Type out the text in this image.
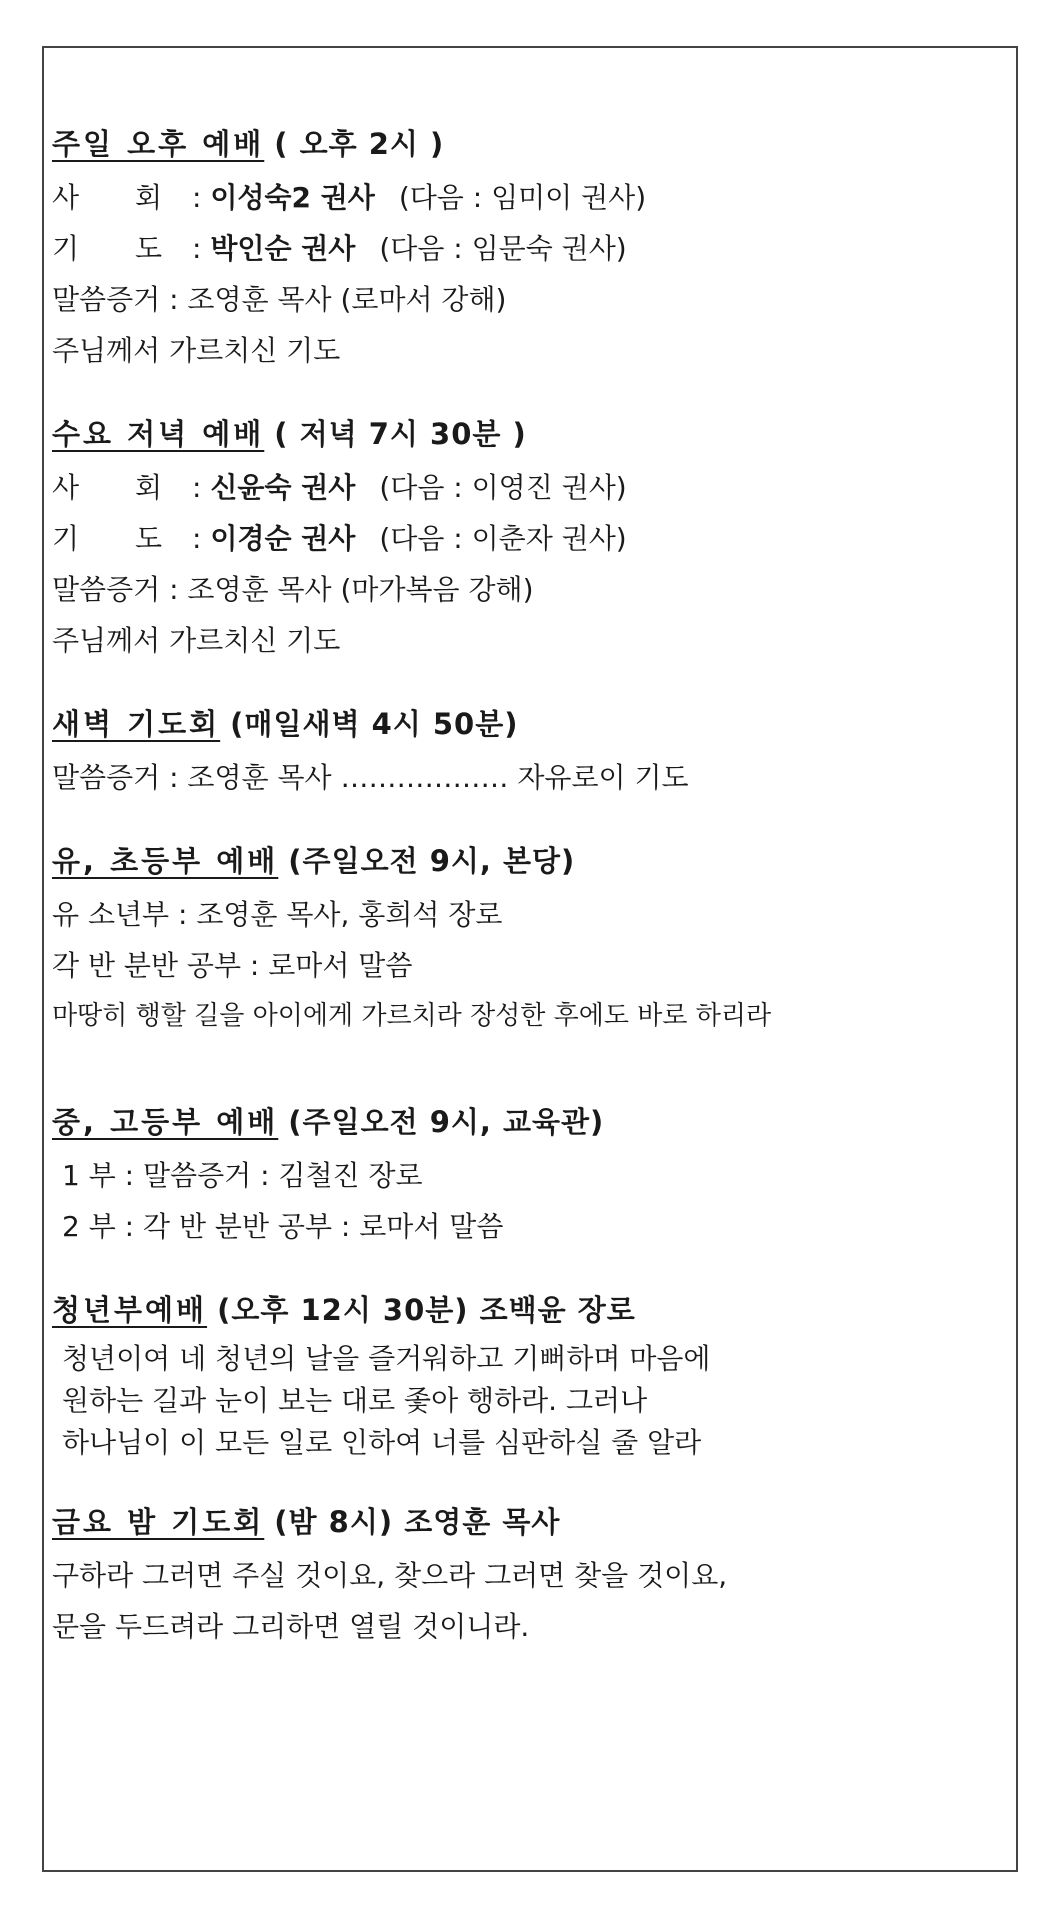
주일 오후 예배 ( 오후 2시 )
사 회 : 이성숙2 권사 (다음 : 임미이 권사)
기 도 : 박인순 권사 (다음 : 임문숙 권사)
말씀증거 : 조영훈 목사 (로마서 강해)
주님께서 가르치신 기도
수요 저녁 예배 ( 저녁 7시 30분 )
사 회 : 신윤숙 권사 (다음 : 이영진 권사)
기 도 : 이경순 권사 (다음 : 이춘자 권사)
말씀증거 : 조영훈 목사 (마가복음 강해)
주님께서 가르치신 기도
새벽 기도회 (매일새벽 4시 50분)
말씀증거 : 조영훈 목사 ……………… 자유로이 기도
유, 초등부 예배 (주일오전 9시, 본당)
유 소년부 : 조영훈 목사, 홍희석 장로
각 반 분반 공부 : 로마서 말씀
마땅히 행할 길을 아이에게 가르치라 장성한 후에도 바로 하리라
중, 고등부 예배 (주일오전 9시, 교육관)
1 부 : 말씀증거 : 김철진 장로
2 부 : 각 반 분반 공부 : 로마서 말씀
청년부예배 (오후 12시 30분) 조백윤 장로
청년이여 네 청년의 날을 즐거워하고 기뻐하며 마음에
원하는 길과 눈이 보는 대로 좇아 행하라. 그러나
하나님이 이 모든 일로 인하여 너를 심판하실 줄 알라
금요 밤 기도회 (밤 8시) 조영훈 목사
구하라 그러면 주실 것이요, 찾으라 그러면 찾을 것이요,
문을 두드려라 그리하면 열릴 것이니라.
